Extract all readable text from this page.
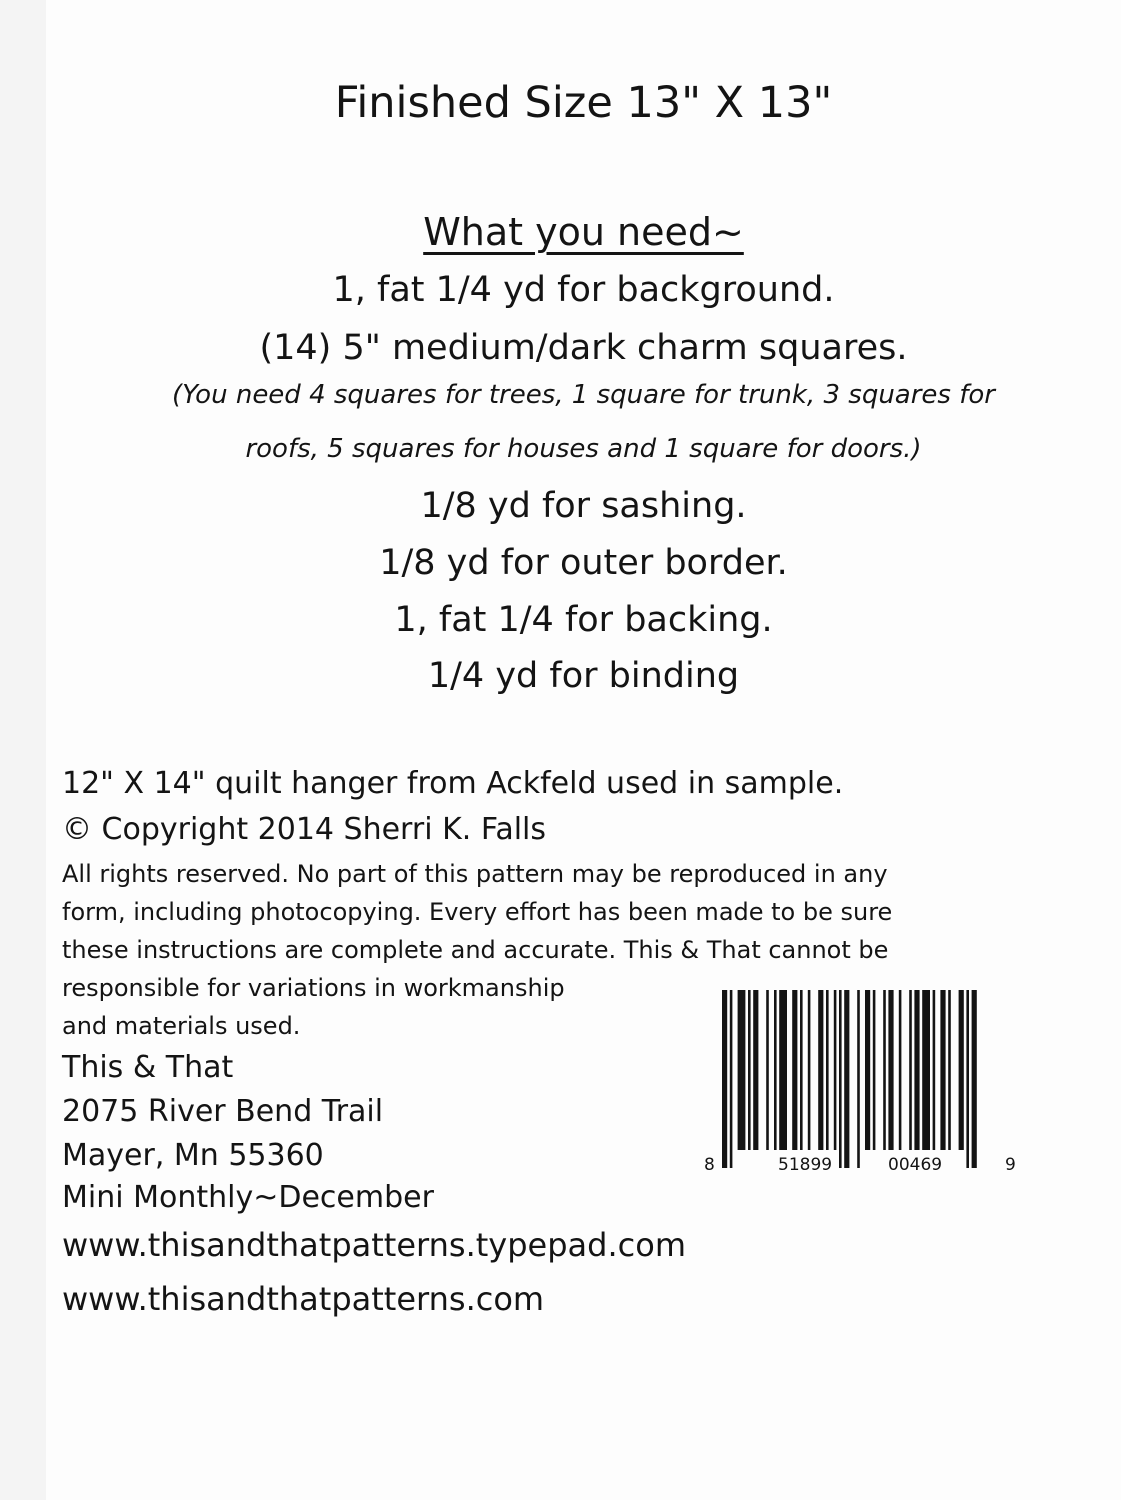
Finished Size 13" X 13"
What you need~
1, fat 1/4 yd for background.
(14) 5" medium/dark charm squares.
(You need 4 squares for trees, 1 square for trunk, 3 squares for
roofs, 5 squares for houses and 1 square for doors.)
1/8 yd for sashing.
1/8 yd for outer border.
1, fat 1/4 for backing.
1/4 yd for binding
12" X 14" quilt hanger from Ackfeld used in sample.
© Copyright 2014 Sherri K. Falls
All rights reserved. No part of this pattern may be reproduced in any
form, including photocopying. Every effort has been made to be sure
these instructions are complete and accurate. This & That cannot be
responsible for variations in workmanship
and materials used.
This & That
2075 River Bend Trail
Mayer, Mn 55360
Mini Monthly~December
www.thisandthatpatterns.typepad.com
www.thisandthatpatterns.com
8	51899	00469	9
